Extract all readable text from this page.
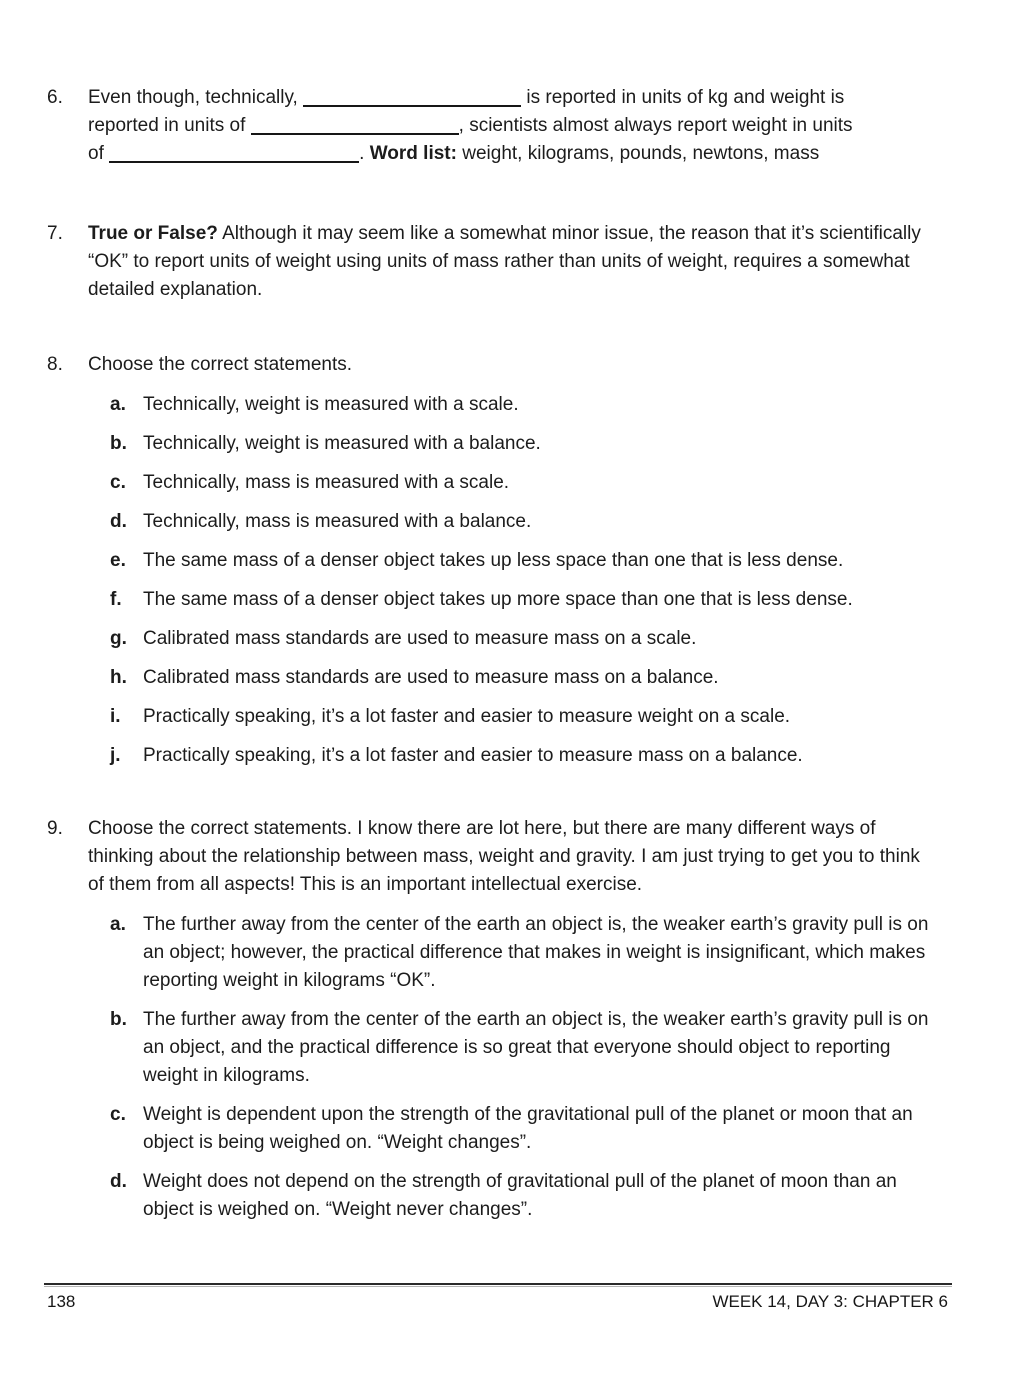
6.	Even though, technically,	is reported in units of kg and weight is
reported in units of	, scientists almost always report weight in units
of	. Word list: weight, kilograms, pounds, newtons, mass
7.	True or False? Although it may seem like a somewhat minor issue, the reason that it’s scientifically “OK” to report units of weight using units of mass rather than units of weight, requires a somewhat detailed explanation.
8.	Choose the correct statements.
a. Technically, weight is measured with a scale.
b. Technically, weight is measured with a balance.
c. Technically, mass is measured with a scale.
d. Technically, mass is measured with a balance.
e. The same mass of a denser object takes up less space than one that is less dense.
f.	The same mass of a denser object takes up more space than one that is less dense.
g. Calibrated mass standards are used to measure mass on a scale.
h. Calibrated mass standards are used to measure mass on a balance.
i.	Practically speaking, it’s a lot faster and easier to measure weight on a scale.
j.	Practically speaking, it’s a lot faster and easier to measure mass on a balance.
9.	Choose the correct statements. I know there are lot here, but there are many different ways of thinking about the relationship between mass, weight and gravity. I am just trying to get you to think of them from all aspects! This is an important intellectual exercise.
a. The further away from the center of the earth an object is, the weaker earth’s gravity pull is on an object; however, the practical difference that makes in weight is insignificant, which makes reporting weight in kilograms “OK”.
b. The further away from the center of the earth an object is, the weaker earth’s gravity pull is on an object, and the practical difference is so great that everyone should object to reporting weight in kilograms.
c. Weight is dependent upon the strength of the gravitational pull of the planet or moon that an object is being weighed on. “Weight changes”.
d. Weight does not depend on the strength of gravitational pull of the planet of moon than an object is weighed on. “Weight never changes”.
138	WEEK 14, DAY 3: CHAPTER 6
